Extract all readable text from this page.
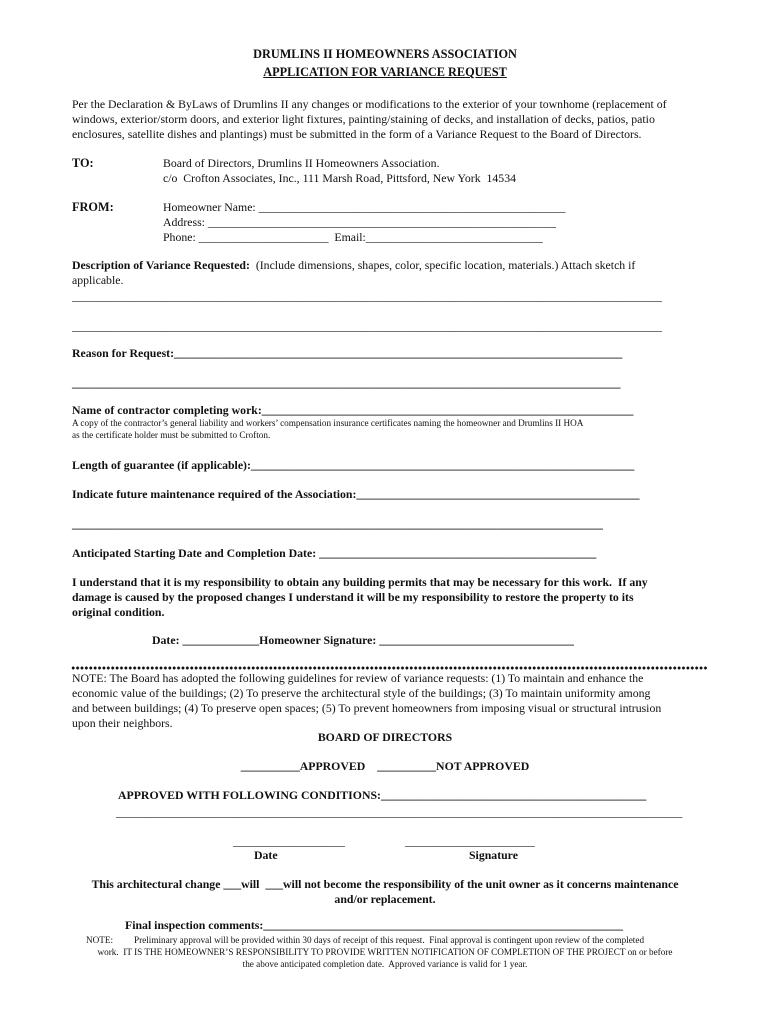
DRUMLINS II HOMEOWNERS ASSOCIATION
APPLICATION FOR VARIANCE REQUEST
Per the Declaration & ByLaws of Drumlins II any changes or modifications to the exterior of your townhome (replacement of
windows, exterior/storm doors, and exterior light fixtures, painting/staining of decks, and installation of decks, patios, patio
enclosures, satellite dishes and plantings) must be submitted in the form of a Variance Request to the Board of Directors.
TO:	Board of Directors, Drumlins II Homeowners Association.
c/o  Crofton Associates, Inc., 111 Marsh Road, Pittsford, New York  14534
FROM:	Homeowner Name: ____________________________________________________
Address: ___________________________________________________________
Phone: ______________________  Email:______________________________
Description of Variance Requested:  (Include dimensions, shapes, color, specific location, materials.) Attach sketch if
applicable.
____________________________________________________________________________________________________
____________________________________________________________________________________________________
Reason for Request:____________________________________________________________________________
_____________________________________________________________________________________________
Name of contractor completing work:_______________________________________________________________
A copy of the contractor’s general liability and workers’ compensation insurance certificates naming the homeowner and Drumlins II HOA
as the certificate holder must be submitted to Crofton.
Length of guarantee (if applicable):_________________________________________________________________
Indicate future maintenance required of the Association:________________________________________________
__________________________________________________________________________________________
Anticipated Starting Date and Completion Date: _______________________________________________
I understand that it is my responsibility to obtain any building permits that may be necessary for this work.  If any
damage is caused by the proposed changes I understand it will be my responsibility to restore the property to its
original condition.
Date: _____________Homeowner Signature: _________________________________
NOTE: The Board has adopted the following guidelines for review of variance requests: (1) To maintain and enhance the
economic value of the buildings; (2) To preserve the architectural style of the buildings; (3) To maintain uniformity among
and between buildings; (4) To preserve open spaces; (5) To prevent homeowners from imposing visual or structural intrusion
upon their neighbors.
BOARD OF DIRECTORS
__________APPROVED    __________NOT APPROVED
APPROVED WITH FOLLOWING CONDITIONS:_____________________________________________
________________________________________________________________________________________________
___________________
Date
______________________
Signature
This architectural change ___will  ___will not become the responsibility of the unit owner as it concerns maintenance
and/or replacement.
Final inspection comments:_____________________________________________________________
NOTE: Preliminary approval will be provided within 30 days of receipt of this request.  Final approval is contingent upon review of the completed
work.  IT IS THE HOMEOWNER’S RESPONSIBILITY TO PROVIDE WRITTEN NOTIFICATION OF COMPLETION OF THE PROJECT on or before
the above anticipated completion date.  Approved variance is valid for 1 year.
